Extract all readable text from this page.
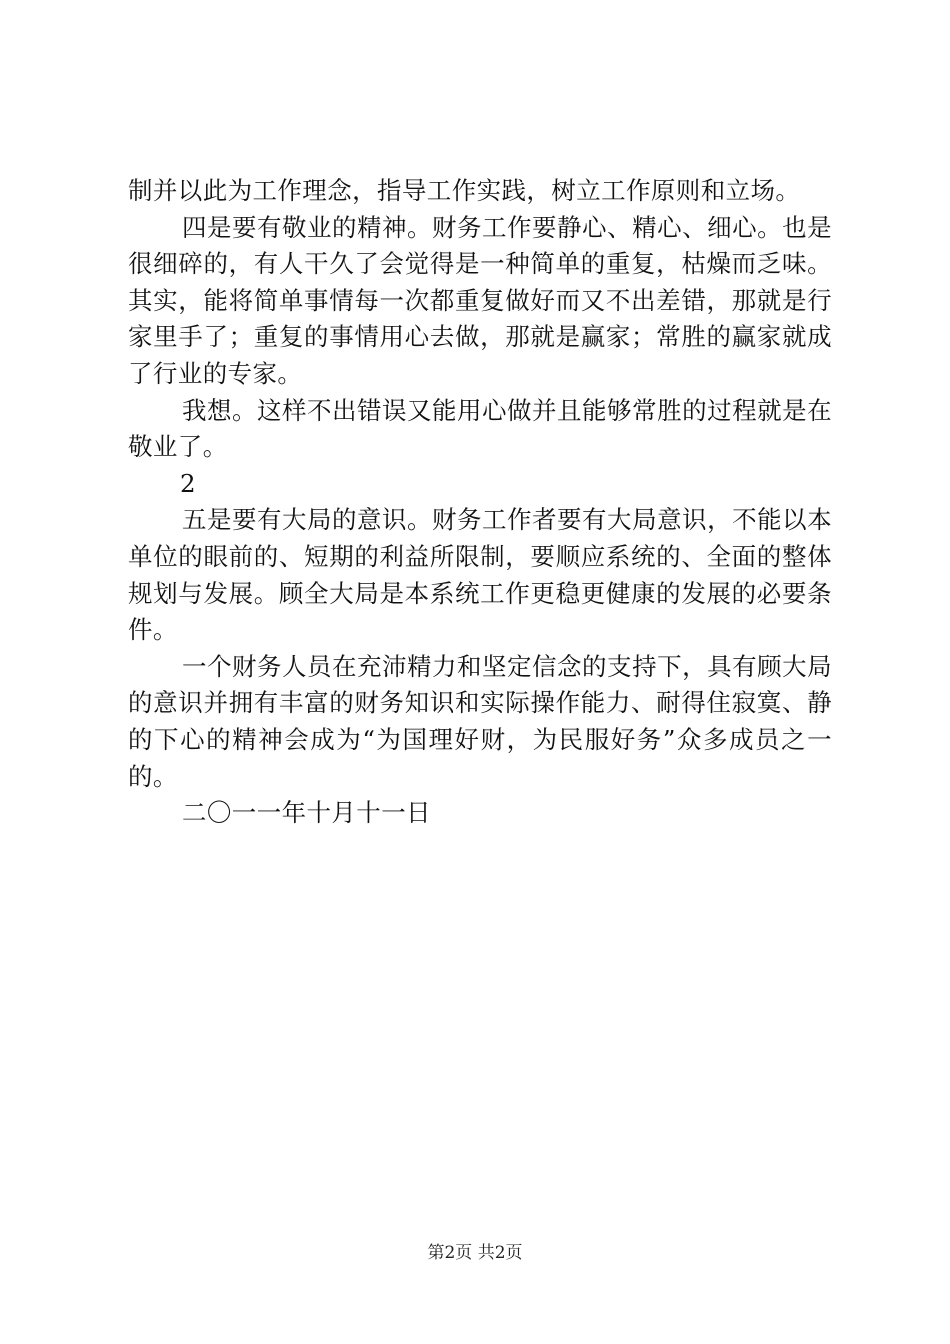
制并以此为工作理念，指导工作实践，树立工作原则和立场。

四是要有敬业的精神。财务工作要静心、精心、细心。也是很细碎的，有人干久了会觉得是一种简单的重复，枯燥而乏味。其实，能将简单事情每一次都重复做好而又不出差错，那就是行家里手了；重复的事情用心去做，那就是赢家；常胜的赢家就成了行业的专家。

我想。这样不出错误又能用心做并且能够常胜的过程就是在敬业了。

2

五是要有大局的意识。财务工作者要有大局意识，不能以本单位的眼前的、短期的利益所限制，要顺应系统的、全面的整体规划与发展。顾全大局是本系统工作更稳更健康的发展的必要条件。

一个财务人员在充沛精力和坚定信念的支持下，具有顾大局的意识并拥有丰富的财务知识和实际操作能力、耐得住寂寞、静的下心的精神会成为“为国理好财，为民服好务”众多成员之一的。

二〇一一年十月十一日

第2页 共2页
